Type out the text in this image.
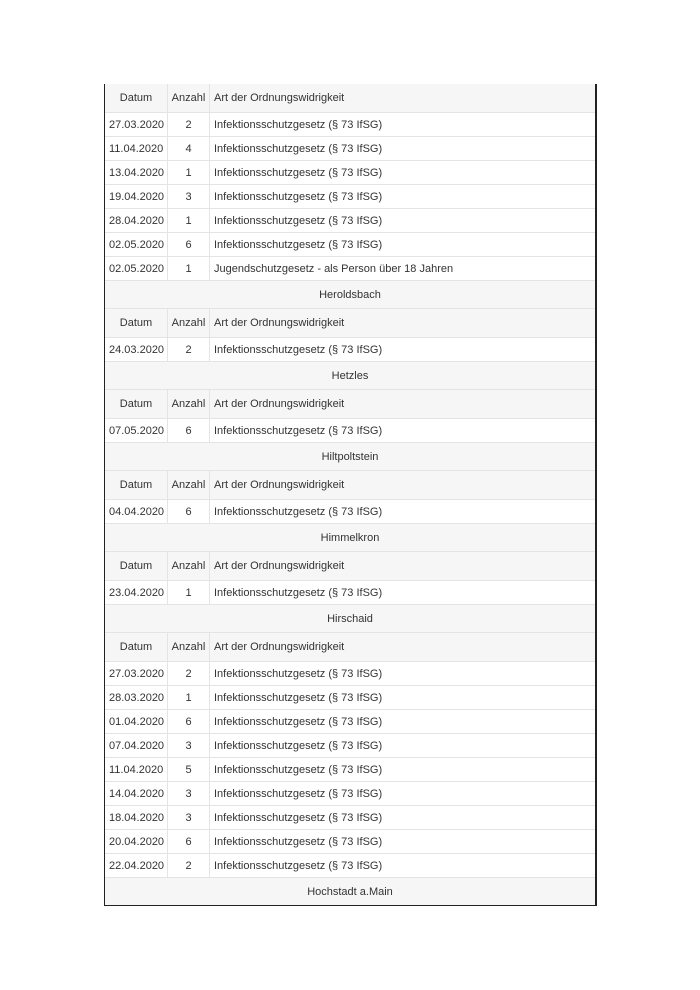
Datum	Anzahl Art der Ordnungswidrigkeit
27.03.2020	2	Infektionsschutzgesetz (§ 73 IfSG)
11.04.2020	4	Infektionsschutzgesetz (§ 73 IfSG)
13.04.2020	1	Infektionsschutzgesetz (§ 73 IfSG)
19.04.2020	3	Infektionsschutzgesetz (§ 73 IfSG)
28.04.2020	1	Infektionsschutzgesetz (§ 73 IfSG)
02.05.2020	6	Infektionsschutzgesetz (§ 73 IfSG)
02.05.2020	1	Jugendschutzgesetz - als Person über 18 Jahren
Heroldsbach
Datum	Anzahl Art der Ordnungswidrigkeit
24.03.2020	2	Infektionsschutzgesetz (§ 73 IfSG)
Hetzles
Datum	Anzahl Art der Ordnungswidrigkeit
07.05.2020	6	Infektionsschutzgesetz (§ 73 IfSG)
Hiltpoltstein
Datum	Anzahl Art der Ordnungswidrigkeit
04.04.2020	6	Infektionsschutzgesetz (§ 73 IfSG)
Himmelkron
Datum	Anzahl Art der Ordnungswidrigkeit
23.04.2020	1	Infektionsschutzgesetz (§ 73 IfSG)
Hirschaid
Datum	Anzahl Art der Ordnungswidrigkeit
27.03.2020	2	Infektionsschutzgesetz (§ 73 IfSG)
28.03.2020	1	Infektionsschutzgesetz (§ 73 IfSG)
01.04.2020	6	Infektionsschutzgesetz (§ 73 IfSG)
07.04.2020	3	Infektionsschutzgesetz (§ 73 IfSG)
11.04.2020	5	Infektionsschutzgesetz (§ 73 IfSG)
14.04.2020	3	Infektionsschutzgesetz (§ 73 IfSG)
18.04.2020	3	Infektionsschutzgesetz (§ 73 IfSG)
20.04.2020	6	Infektionsschutzgesetz (§ 73 IfSG)
22.04.2020	2	Infektionsschutzgesetz (§ 73 IfSG)
Hochstadt a.Main
